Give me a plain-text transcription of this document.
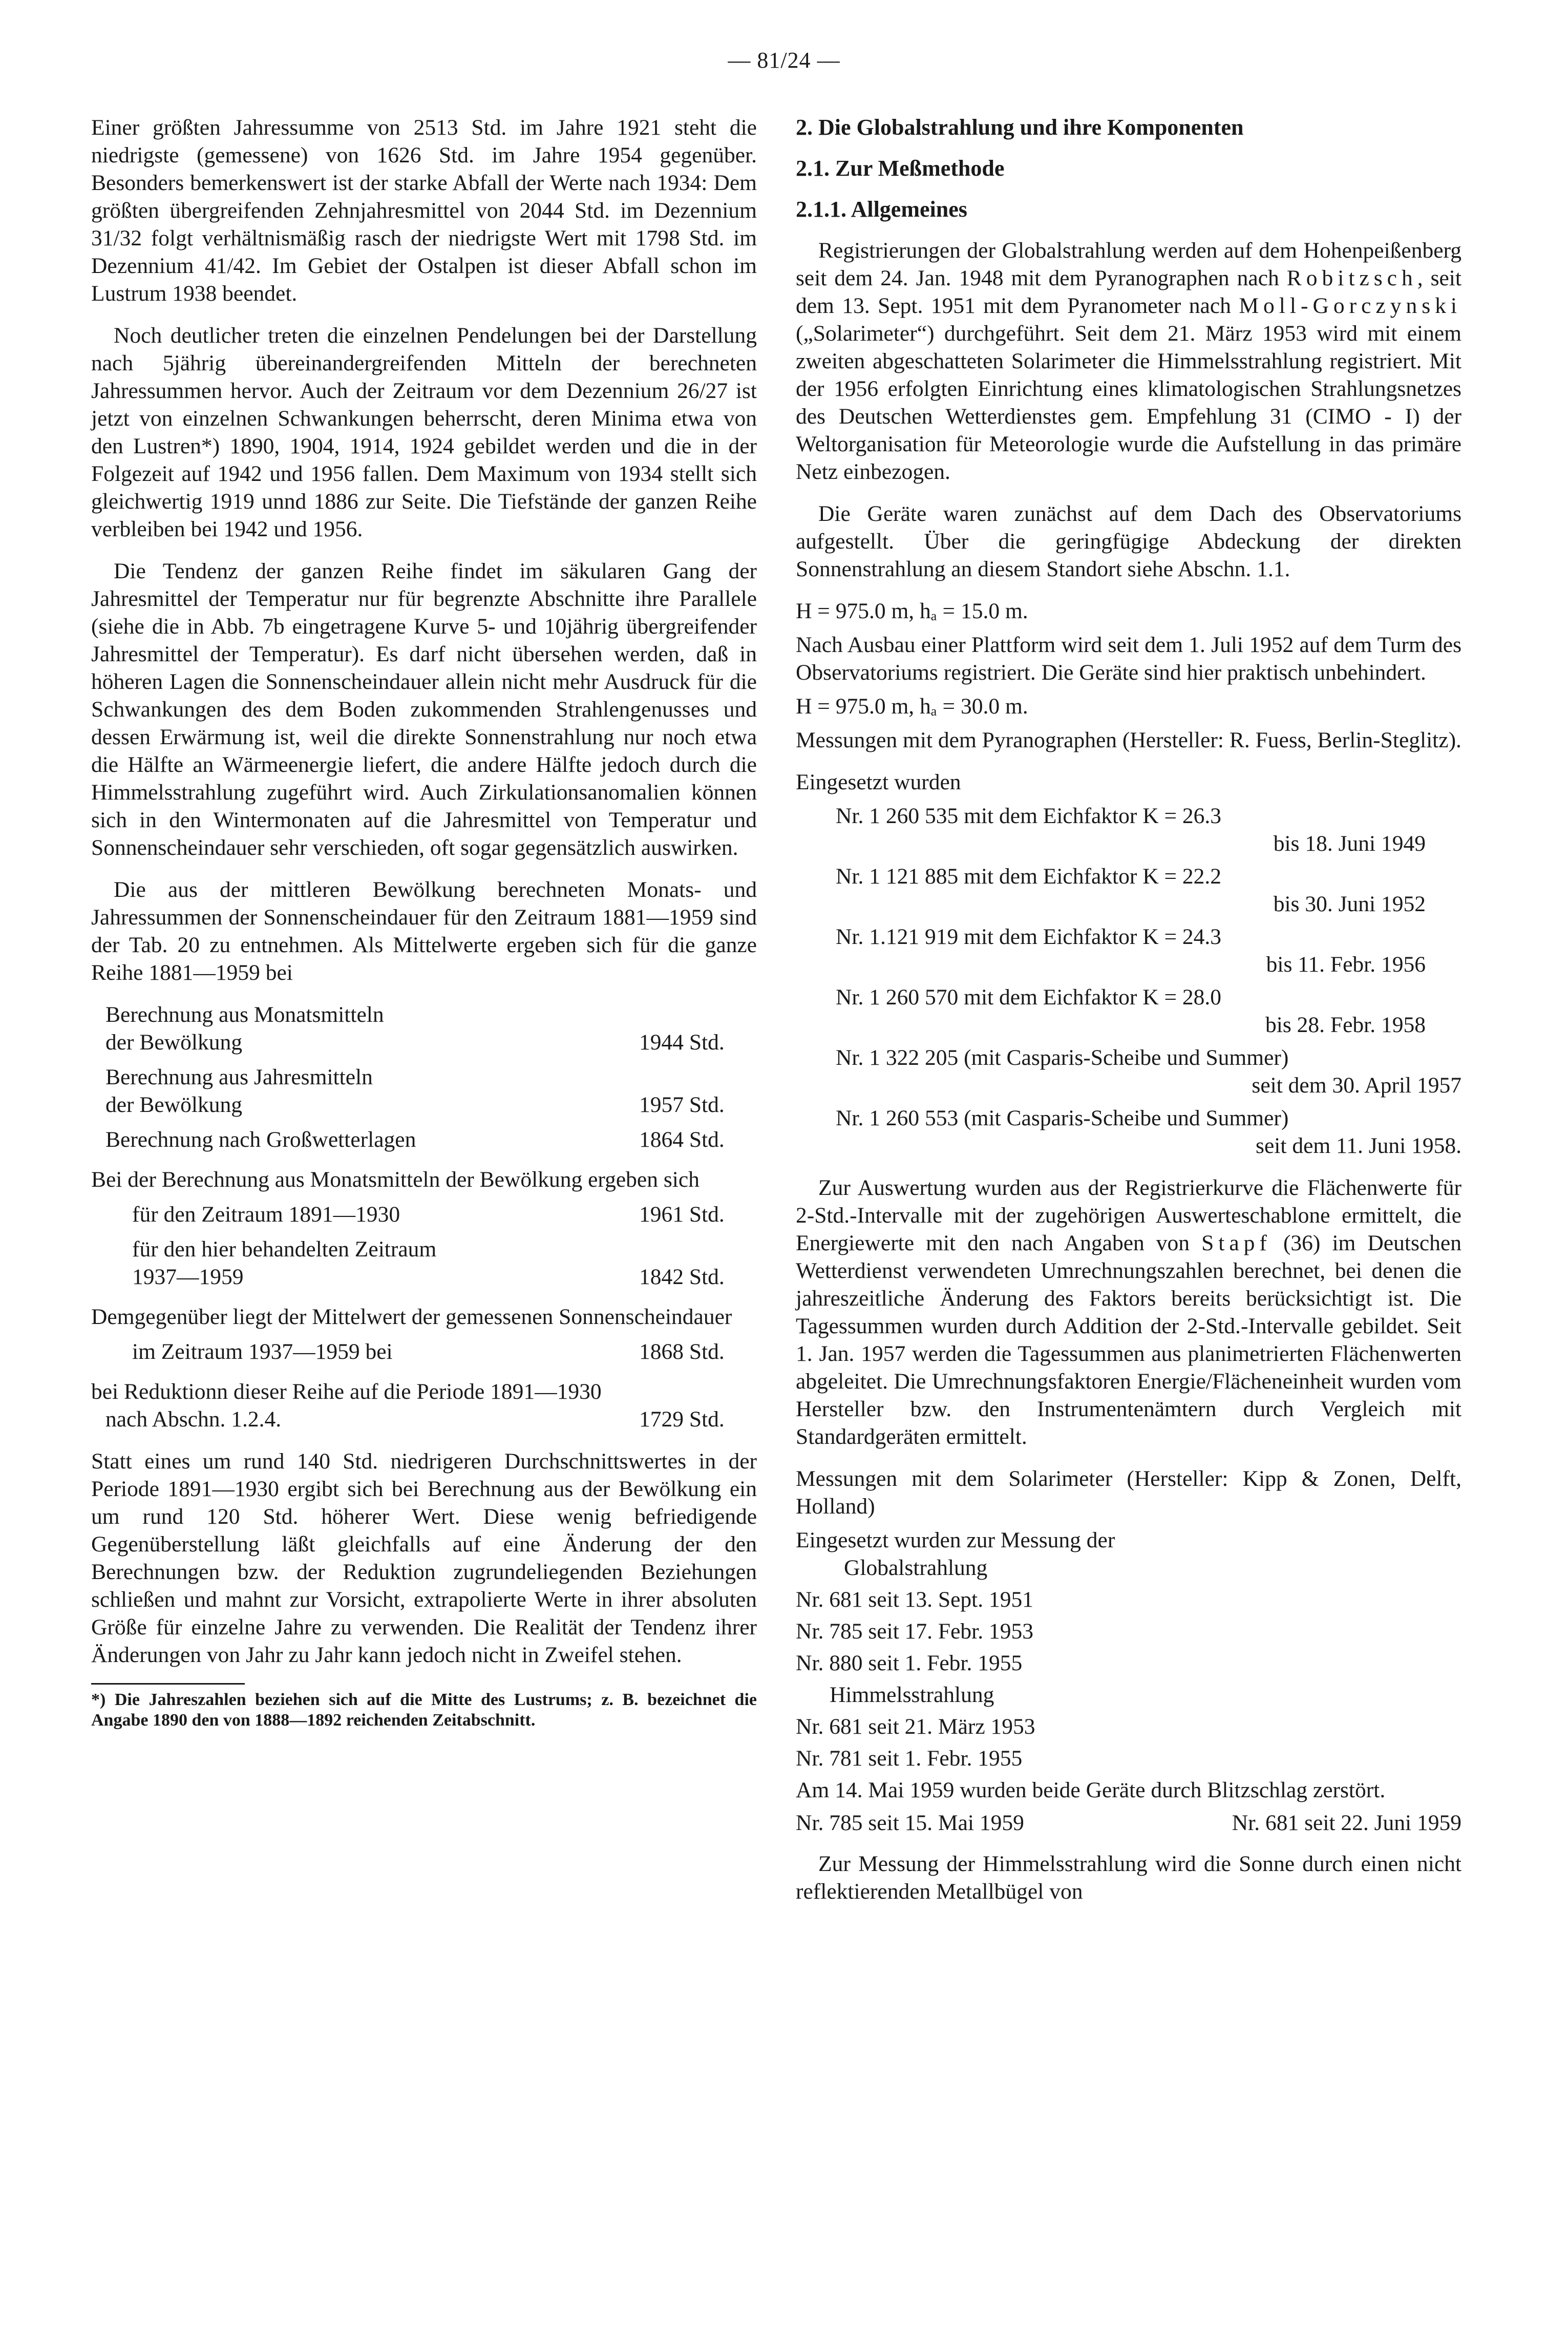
— 81/24 —

Einer größten Jahressumme von 2513 Std. im Jahre 1921 steht die niedrigste (gemessene) von 1626 Std. im Jahre 1954 gegenüber. Besonders bemerkenswert ist der starke Abfall der Werte nach 1934: Dem größten übergreifenden Zehnjahresmittel von 2044 Std. im Dezennium 31/32 folgt verhältnismäßig rasch der niedrigste Wert mit 1798 Std. im Dezennium 41/42. Im Gebiet der Ostalpen ist dieser Abfall schon im Lustrum 1938 beendet.

Noch deutlicher treten die einzelnen Pendelungen bei der Darstellung nach 5jährig übereinandergreifenden Mitteln der berechneten Jahressummen hervor. Auch der Zeitraum vor dem Dezennium 26/27 ist jetzt von einzelnen Schwankungen beherrscht, deren Minima etwa von den Lustren*) 1890, 1904, 1914, 1924 gebildet werden und die in der Folgezeit auf 1942 und 1956 fallen. Dem Maximum von 1934 stellt sich gleichwertig 1919 unnd 1886 zur Seite. Die Tiefstände der ganzen Reihe verbleiben bei 1942 und 1956.

Die Tendenz der ganzen Reihe findet im säkularen Gang der Jahresmittel der Temperatur nur für begrenzte Abschnitte ihre Parallele (siehe die in Abb. 7b eingetragene Kurve 5- und 10jährig übergreifender Jahresmittel der Temperatur). Es darf nicht übersehen werden, daß in höheren Lagen die Sonnenscheindauer allein nicht mehr Ausdruck für die Schwankungen des dem Boden zukommenden Strahlengenusses und dessen Erwärmung ist, weil die direkte Sonnenstrahlung nur noch etwa die Hälfte an Wärmeenergie liefert, die andere Hälfte jedoch durch die Himmelsstrahlung zugeführt wird. Auch Zirkulationsanomalien können sich in den Wintermonaten auf die Jahresmittel von Temperatur und Sonnenscheindauer sehr verschieden, oft sogar gegensätzlich auswirken.

Die aus der mittleren Bewölkung berechneten Monats- und Jahressummen der Sonnenscheindauer für den Zeitraum 1881—1959 sind der Tab. 20 zu entnehmen. Als Mittelwerte ergeben sich für die ganze Reihe 1881—1959 bei

Berechnung aus Monatsmitteln
der Bewölkung	1944 Std.
Berechnung aus Jahresmitteln
der Bewölkung	1957 Std.
Berechnung nach Großwetterlagen	1864 Std.

Bei der Berechnung aus Monatsmitteln der Bewölkung ergeben sich

für den Zeitraum 1891—1930	1961 Std.
für den hier behandelten Zeitraum
1937—1959	1842 Std.

Demgegenüber liegt der Mittelwert der gemessenen Sonnenscheindauer

im Zeitraum 1937—1959 bei	1868 Std.
bei Reduktionn dieser Reihe auf die Periode 1891—1930
nach Abschn. 1.2.4.	1729 Std.

Statt eines um rund 140 Std. niedrigeren Durchschnittswertes in der Periode 1891—1930 ergibt sich bei Berechnung aus der Bewölkung ein um rund 120 Std. höherer Wert. Diese wenig befriedigende Gegenüberstellung läßt gleichfalls auf eine Änderung der den Berechnungen bzw. der Reduktion zugrundeliegenden Beziehungen schließen und mahnt zur Vorsicht, extrapolierte Werte in ihrer absoluten Größe für einzelne Jahre zu verwenden. Die Realität der Tendenz ihrer Änderungen von Jahr zu Jahr kann jedoch nicht in Zweifel stehen.

*) Die Jahreszahlen beziehen sich auf die Mitte des Lustrums; z. B. bezeichnet die Angabe 1890 den von 1888—1892 reichenden Zeitabschnitt.
2. Die Globalstrahlung und ihre Komponenten
2.1. Zur Meßmethode
2.1.1. Allgemeines

Registrierungen der Globalstrahlung werden auf dem Hohenpeißenberg seit dem 24. Jan. 1948 mit dem Pyranographen nach Robitzsch, seit dem 13. Sept. 1951 mit dem Pyranometer nach Moll-Gorczynski („Solarimeter“) durchgeführt. Seit dem 21. März 1953 wird mit einem zweiten abgeschatteten Solarimeter die Himmelsstrahlung registriert. Mit der 1956 erfolgten Einrichtung eines klimatologischen Strahlungsnetzes des Deutschen Wetterdienstes gem. Empfehlung 31 (CIMO - I) der Weltorganisation für Meteorologie wurde die Aufstellung in das primäre Netz einbezogen.

Die Geräte waren zunächst auf dem Dach des Observatoriums aufgestellt. Über die geringfügige Abdeckung der direkten Sonnenstrahlung an diesem Standort siehe Abschn. 1.1.

H = 975.0 m, hₐ = 15.0 m.

Nach Ausbau einer Plattform wird seit dem 1. Juli 1952 auf dem Turm des Observatoriums registriert. Die Geräte sind hier praktisch unbehindert.

H = 975.0 m, hₐ = 30.0 m.

Messungen mit dem Pyranographen (Hersteller: R. Fuess, Berlin-Steglitz).

Eingesetzt wurden
Nr. 1 260 535 mit dem Eichfaktor K = 26.3
bis 18. Juni 1949
Nr. 1 121 885 mit dem Eichfaktor K = 22.2
bis 30. Juni 1952
Nr. 1.121 919 mit dem Eichfaktor K = 24.3
bis 11. Febr. 1956
Nr. 1 260 570 mit dem Eichfaktor K = 28.0
bis 28. Febr. 1958
Nr. 1 322 205 (mit Casparis-Scheibe und Summer)
seit dem 30. April 1957
Nr. 1 260 553 (mit Casparis-Scheibe und Summer)
seit dem 11. Juni 1958.

Zur Auswertung wurden aus der Registrierkurve die Flächenwerte für 2-Std.-Intervalle mit der zugehörigen Auswerteschablone ermittelt, die Energiewerte mit den nach Angaben von Stapf (36) im Deutschen Wetterdienst verwendeten Umrechnungszahlen berechnet, bei denen die jahreszeitliche Änderung des Faktors bereits berücksichtigt ist. Die Tagessummen wurden durch Addition der 2-Std.-Intervalle gebildet. Seit 1. Jan. 1957 werden die Tagessummen aus planimetrierten Flächenwerten abgeleitet. Die Umrechnungsfaktoren Energie/Flächeneinheit wurden vom Hersteller bzw. den Instrumentenämtern durch Vergleich mit Standardgeräten ermittelt.

Messungen mit dem Solarimeter (Hersteller: Kipp & Zonen, Delft, Holland)

Eingesetzt wurden zur Messung der
Globalstrahlung
Nr. 681 seit 13. Sept. 1951
Nr. 785 seit 17. Febr. 1953
Nr. 880 seit 1. Febr. 1955
Himmelsstrahlung
Nr. 681 seit 21. März 1953
Nr. 781 seit 1. Febr. 1955

Am 14. Mai 1959 wurden beide Geräte durch Blitzschlag zerstört.

Nr. 785 seit 15. Mai 1959	Nr. 681 seit 22. Juni 1959

Zur Messung der Himmelsstrahlung wird die Sonne durch einen nicht reflektierenden Metallbügel von
